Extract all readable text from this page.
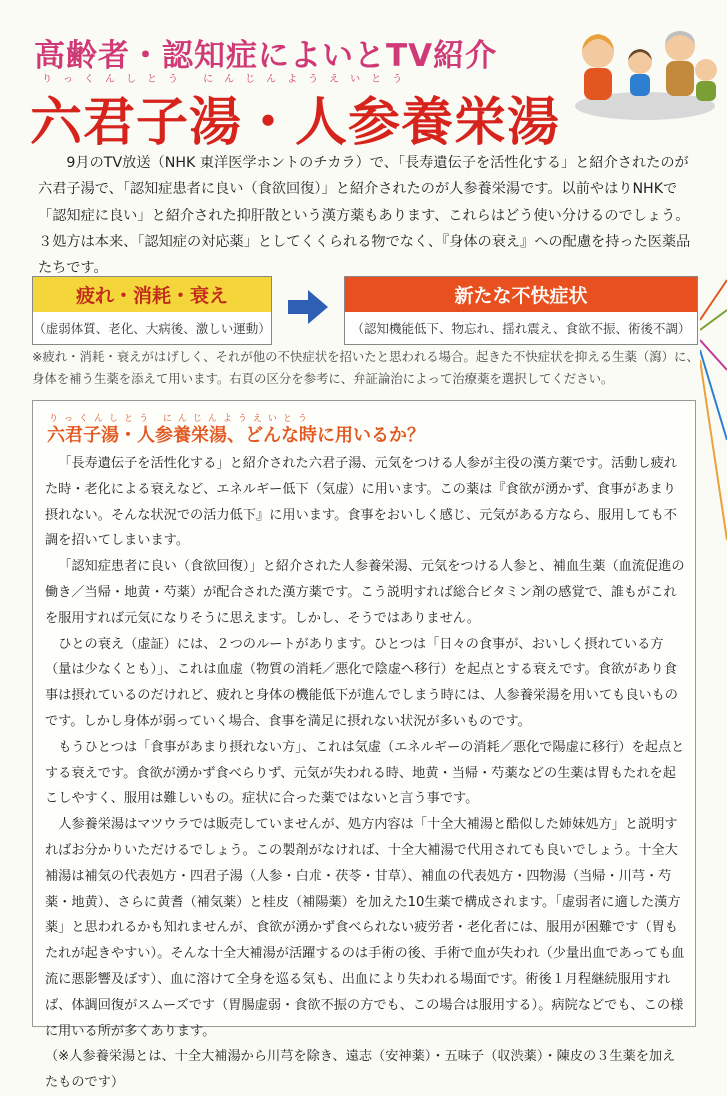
高齢者・認知症によいとTV紹介
りっくんしとう にんじんようえいとう
六君子湯・人参養栄湯
9月のTV放送（NHK 東洋医学ホントのチカラ）で、「長寿遺伝子を活性化する」と紹介されたのが六君子湯で、「認知症患者に良い（食欲回復）」と紹介されたのが人参養栄湯です。以前やはりNHKで「認知症に良い」と紹介された抑肝散という漢方薬もあります、これらはどう使い分けるのでしょう。３処方は本来、「認知症の対応薬」としてくくられる物でなく、『身体の衰え』への配慮を持った医薬品たちです。
疲れ・消耗・衰え
（虚弱体質、老化、大病後、激しい運動）
新たな不快症状
（認知機能低下、物忘れ、揺れ震え、食欲不振、術後不調）
※疲れ・消耗・衰えがはげしく、それが他の不快症状を招いたと思われる場合。起きた不快症状を抑える生薬（瀉）に、身体を補う生薬を添えて用います。右頁の区分を参考に、弁証論治によって治療薬を選択してください。
りっくんしとう にんじんようえいとう
六君子湯・人参養栄湯、どんな時に用いるか？

「長寿遺伝子を活性化する」と紹介された六君子湯、元気をつける人参が主役の漢方薬です。活動し疲れた時・老化による衰えなど、エネルギー低下（気虚）に用います。この薬は『食欲が湧かず、食事があまり摂れない。そんな状況での活力低下』に用います。食事をおいしく感じ、元気がある方なら、服用しても不調を招いてしまいます。

「認知症患者に良い（食欲回復）」と紹介された人参養栄湯、元気をつける人参と、補血生薬（血流促進の働き／当帰・地黄・芍薬）が配合された漢方薬です。こう説明すれば総合ビタミン剤の感覚で、誰もがこれを服用すれば元気になりそうに思えます。しかし、そうではありません。

ひとの衰え（虚証）には、２つのルートがあります。ひとつは「日々の食事が、おいしく摂れている方（量は少なくとも）」、これは血虚（物質の消耗／悪化で陰虚へ移行）を起点とする衰えです。食欲があり食事は摂れているのだけれど、疲れと身体の機能低下が進んでしまう時には、人参養栄湯を用いても良いものです。しかし身体が弱っていく場合、食事を満足に摂れない状況が多いものです。

もうひとつは「食事があまり摂れない方」、これは気虚（エネルギーの消耗／悪化で陽虚に移行）を起点とする衰えです。食欲が湧かず食べらりず、元気が失われる時、地黄・当帰・芍薬などの生薬は胃もたれを起こしやすく、服用は難しいもの。症状に合った薬ではないと言う事です。

人参養栄湯はマツウラでは販売していませんが、処方内容は「十全大補湯と酷似した姉妹処方」と説明すればお分かりいただけるでしょう。この製剤がなければ、十全大補湯で代用されても良いでしょう。十全大補湯は補気の代表処方・四君子湯（人参・白朮・茯苓・甘草）、補血の代表処方・四物湯（当帰・川芎・芍薬・地黄）、さらに黄耆（補気薬）と桂皮（補陽薬）を加えた10生薬で構成されます。「虚弱者に適した漢方薬」と思われるかも知れませんが、食欲が湧かず食べられない疲労者・老化者には、服用が困難です（胃もたれが起きやすい）。そんな十全大補湯が活躍するのは手術の後、手術で血が失われ（少量出血であっても血流に悪影響及ぼす）、血に溶けて全身を巡る気も、出血により失われる場面です。術後１月程継続服用すれば、体調回復がスムーズです（胃腸虚弱・食欲不振の方でも、この場合は服用する）。病院などでも、この様に用いる所が多くあります。

（※人参養栄湯とは、十全大補湯から川芎を除き、遠志（安神薬）・五味子（収渋薬）・陳皮の３生薬を加えたものです）
